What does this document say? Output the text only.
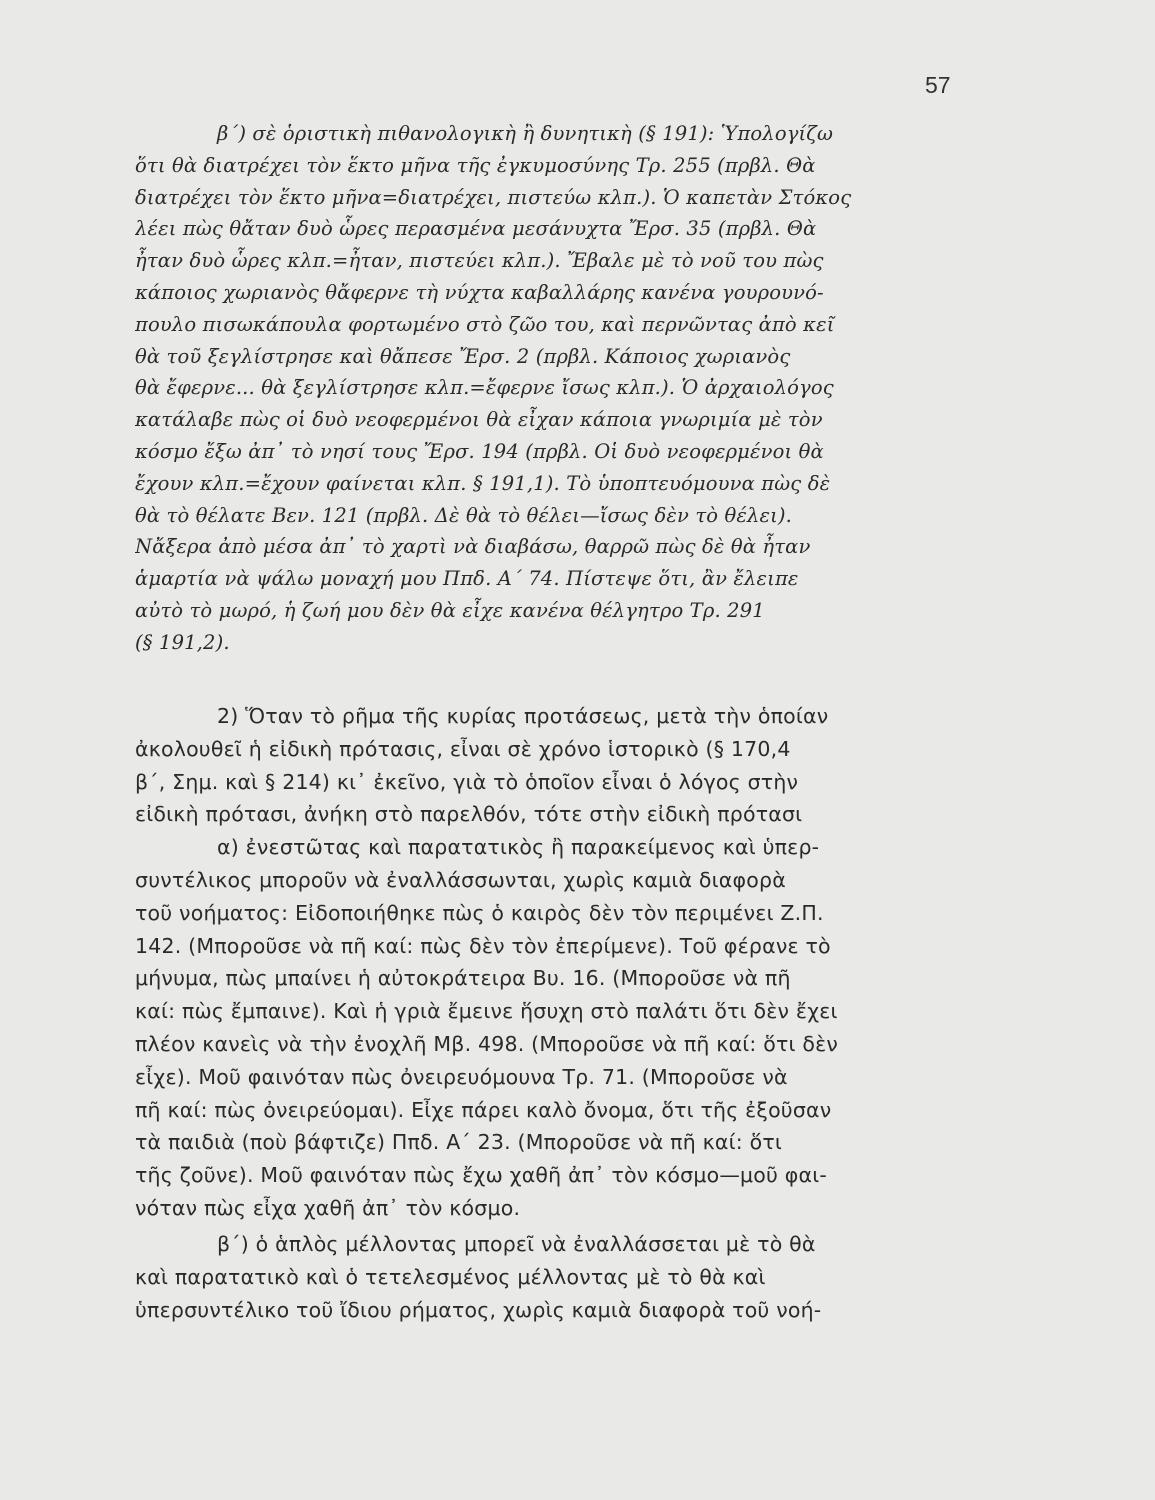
57
β΄) σὲ ὁριστικὴ πιθανολογικὴ ἢ δυνητικὴ (§ 191): Ὑπολογίζω
ὅτι θὰ διατρέχει τὸν ἕκτο μῆνα τῆς ἐγκυμοσύνης Τρ. 255 (πρβλ. Θὰ
διατρέχει τὸν ἕκτο μῆνα=διατρέχει, πιστεύω κλπ.). Ὁ καπετὰν Στόκος
λέει πὼς θἄταν δυὸ ὧρες περασμένα μεσάνυχτα Ἔρσ. 35 (πρβλ. Θὰ
ἦταν δυὸ ὧρες κλπ.=ἦταν, πιστεύει κλπ.). Ἔβαλε μὲ τὸ νοῦ του πὼς
κάποιος χωριανὸς θἄφερνε τὴ νύχτα καβαλλάρης κανένα γουρουνό-
πουλο πισωκάπουλα φορτωμένο στὸ ζῶο του, καὶ περνῶντας ἀπὸ κεῖ
θὰ τοῦ ξεγλίστρησε καὶ θἄπεσε Ἔρσ. 2 (πρβλ. Κάποιος χωριανὸς
θὰ ἔφερνε... θὰ ξεγλίστρησε κλπ.=ἔφερνε ἴσως κλπ.). Ὁ ἀρχαιολόγος
κατάλαβε πὼς οἱ δυὸ νεοφερμένοι θὰ εἶχαν κάποια γνωριμία μὲ τὸν
κόσμο ἔξω ἀπ᾽ τὸ νησί τους Ἔρσ. 194 (πρβλ. Οἱ δυὸ νεοφερμένοι θὰ
ἔχουν κλπ.=ἔχουν φαίνεται κλπ. § 191,1). Τὸ ὑποπτευόμουνα πὼς δὲ
θὰ τὸ θέλατε Βεν. 121 (πρβλ. Δὲ θὰ τὸ θέλει—ἴσως δὲν τὸ θέλει).
Νἄξερα ἀπὸ μέσα ἀπ᾽ τὸ χαρτὶ νὰ διαβάσω, θαρρῶ πὼς δὲ θὰ ἦταν
ἁμαρτία νὰ ψάλω μοναχή μου Ππδ. Α΄ 74. Πίστεψε ὅτι, ἂν ἔλειπε
αὐτὸ τὸ μωρό, ἡ ζωή μου δὲν θὰ εἶχε κανένα θέλγητρο Τρ. 291
(§ 191,2).
2) Ὅταν τὸ ρῆμα τῆς κυρίας προτάσεως, μετὰ τὴν ὁποίαν
ἀκολουθεῖ ἡ εἰδικὴ πρότασις, εἶναι σὲ χρόνο ἱστορικὸ (§ 170,4
β΄, Σημ. καὶ § 214) κι᾽ ἐκεῖνο, γιὰ τὸ ὁποῖον εἶναι ὁ λόγος στὴν
εἰδικὴ πρότασι, ἀνήκη στὸ παρελθόν, τότε στὴν εἰδικὴ πρότασι
α) ἐνεστῶτας καὶ παρατατικὸς ἢ παρακείμενος καὶ ὑπερ-
συντέλικος μποροῦν νὰ ἐναλλάσσωνται, χωρὶς καμιὰ διαφορὰ
τοῦ νοήματος: Εἰδοποιήθηκε πὼς ὁ καιρὸς δὲν τὸν περιμένει Ζ.Π.
142. (Μποροῦσε νὰ πῆ καί: πὼς δὲν τὸν ἐπερίμενε). Τοῦ φέρανε τὸ
μήνυμα, πὼς μπαίνει ἡ αὐτοκράτειρα Βυ. 16. (Μποροῦσε νὰ πῆ
καί: πὼς ἔμπαινε). Καὶ ἡ γριὰ ἔμεινε ἥσυχη στὸ παλάτι ὅτι δὲν ἔχει
πλέον κανεὶς νὰ τὴν ἐνοχλῆ Μβ. 498. (Μποροῦσε νὰ πῆ καί: ὅτι δὲν
εἶχε). Μοῦ φαινόταν πὼς ὀνειρευόμουνα Τρ. 71. (Μποροῦσε νὰ
πῆ καί: πὼς ὀνειρεύομαι). Εἶχε πάρει καλὸ ὄνομα, ὅτι τῆς ἐξοῦσαν
τὰ παιδιὰ (ποὺ βάφτιζε) Ππδ. Α΄ 23. (Μποροῦσε νὰ πῆ καί: ὅτι
τῆς ζοῦνε). Μοῦ φαινόταν πὼς ἔχω χαθῆ ἀπ᾽ τὸν κόσμο—μοῦ φαι-
νόταν πὼς εἶχα χαθῆ ἀπ᾽ τὸν κόσμο.
β΄) ὁ ἁπλὸς μέλλοντας μπορεῖ νὰ ἐναλλάσσεται μὲ τὸ θὰ
καὶ παρατατικὸ καὶ ὁ τετελεσμένος μέλλοντας μὲ τὸ θὰ καὶ
ὑπερσυντέλικο τοῦ ἴδιου ρήματος, χωρὶς καμιὰ διαφορὰ τοῦ νοή-
